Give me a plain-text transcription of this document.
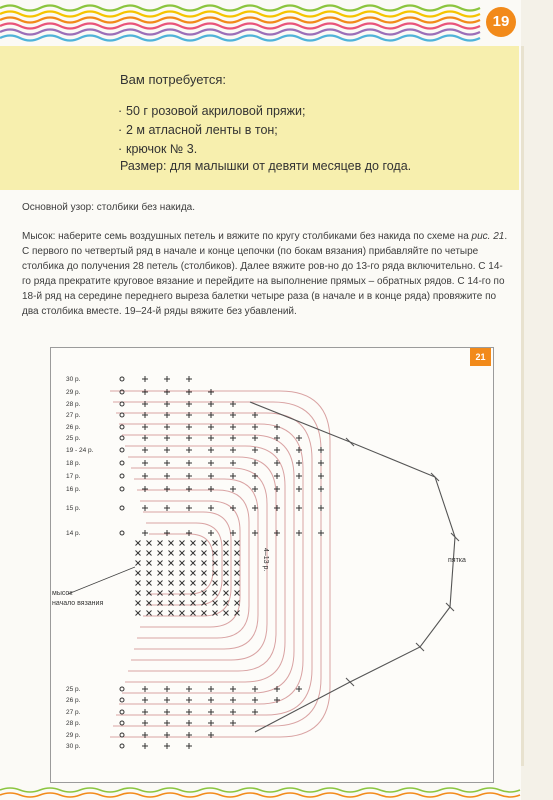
19
Вам потребуется:
· 50 г розовой акриловой пряжи;
· 2 м атласной ленты в тон;
· крючок № 3.
Размер: для малышки от девяти месяцев до года.
Основной узор: столбики без накида.
Мысок: наберите семь воздушных петель и вяжите по кругу столбиками без накида по схеме на рис. 21. С первого по четвертый ряд в начале и конце цепочки (по бокам вязания) прибавляйте по четыре столбика до получения 28 петель (столбиков). Далее вяжите ров-но до 13-го ряда включительно. С 14-го ряда прекратите круговое вязание и перейдите на выполнение прямых – обратных рядов. С 14-го по 18-й ряд на середине переднего выреза балетки четыре раза (в начале и в конце ряда) провяжите по два столбика вместе. 19–24-й ряды вяжите без убавлений.
21
30 р.
29 р.
28 р.
27 р.
26 р.
25 р.
19 - 24 р.
18 р.
17 р.
16 р.
15 р.
14 р.
25 р.
26 р.
27 р.
28 р.
29 р.
30 р.
мысок
начало вязания
пятка
4–13 р.
